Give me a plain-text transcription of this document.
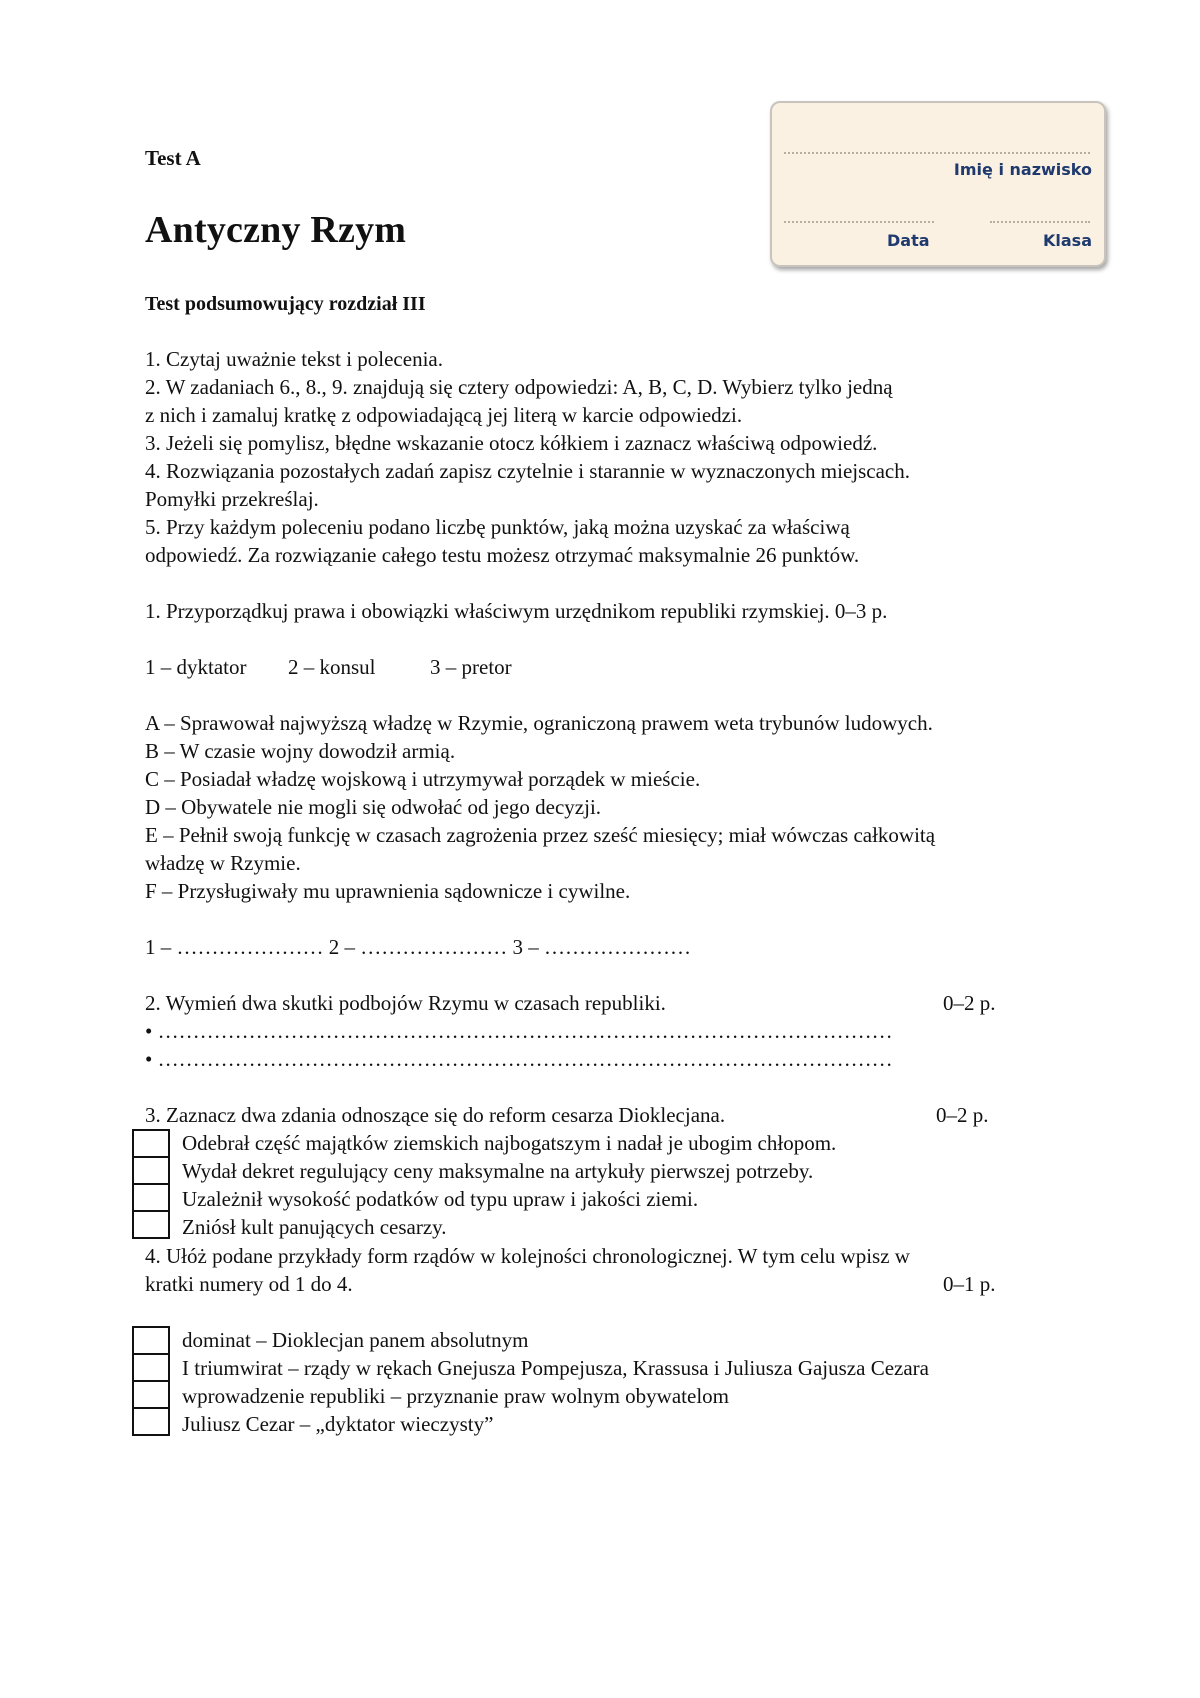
Test A
Antyczny Rzym
Test podsumowujący rozdział III
Imię i nazwisko
Data	Klasa
1. Czytaj uważnie tekst i polecenia.
2. W zadaniach 6., 8., 9. znajdują się cztery odpowiedzi: A, B, C, D. Wybierz tylko jedną
z nich i zamaluj kratkę z odpowiadającą jej literą w karcie odpowiedzi.
3. Jeżeli się pomylisz, błędne wskazanie otocz kółkiem i zaznacz właściwą odpowiedź.
4. Rozwiązania pozostałych zadań zapisz czytelnie i starannie w wyznaczonych miejscach.
Pomyłki przekreślaj.
5. Przy każdym poleceniu podano liczbę punktów, jaką można uzyskać za właściwą
odpowiedź. Za rozwiązanie całego testu możesz otrzymać maksymalnie 26 punktów.
1. Przyporządkuj prawa i obowiązki właściwym urzędnikom republiki rzymskiej. 0–3 p.
1 – dyktator 2 – konsul	3 – pretor
A – Sprawował najwyższą władzę w Rzymie, ograniczoną prawem weta trybunów ludowych.
B – W czasie wojny dowodził armią.
C – Posiadał władzę wojskową i utrzymywał porządek w mieście.
D – Obywatele nie mogli się odwołać od jego decyzji.
E – Pełnił swoją funkcję w czasach zagrożenia przez sześć miesięcy; miał wówczas całkowitą
władzę w Rzymie.
F – Przysługiwały mu uprawnienia sądownicze i cywilne.
1 – ………………… 2 – ………………… 3 – …………………
2. Wymień dwa skutki podbojów Rzymu w czasach republiki.	0–2 p.
• ……………………………………………………………………………………………
• ……………………………………………………………………………………………
3. Zaznacz dwa zdania odnoszące się do reform cesarza Dioklecjana.	0–2 p.
4. Ułóż podane przykłady form rządów w kolejności chronologicznej. W tym celu wpisz w
kratki numery od 1 do 4.	0–1 p.
Odebrał część majątków ziemskich najbogatszym i nadał je ubogim chłopom.
Wydał dekret regulujący ceny maksymalne na artykuły pierwszej potrzeby.
Uzależnił wysokość podatków od typu upraw i jakości ziemi.
Zniósł kult panujących cesarzy.
dominat – Dioklecjan panem absolutnym
I triumwirat – rządy w rękach Gnejusza Pompejusza, Krassusa i Juliusza Gajusza Cezara
wprowadzenie republiki – przyznanie praw wolnym obywatelom
Juliusz Cezar – „dyktator wieczysty”
